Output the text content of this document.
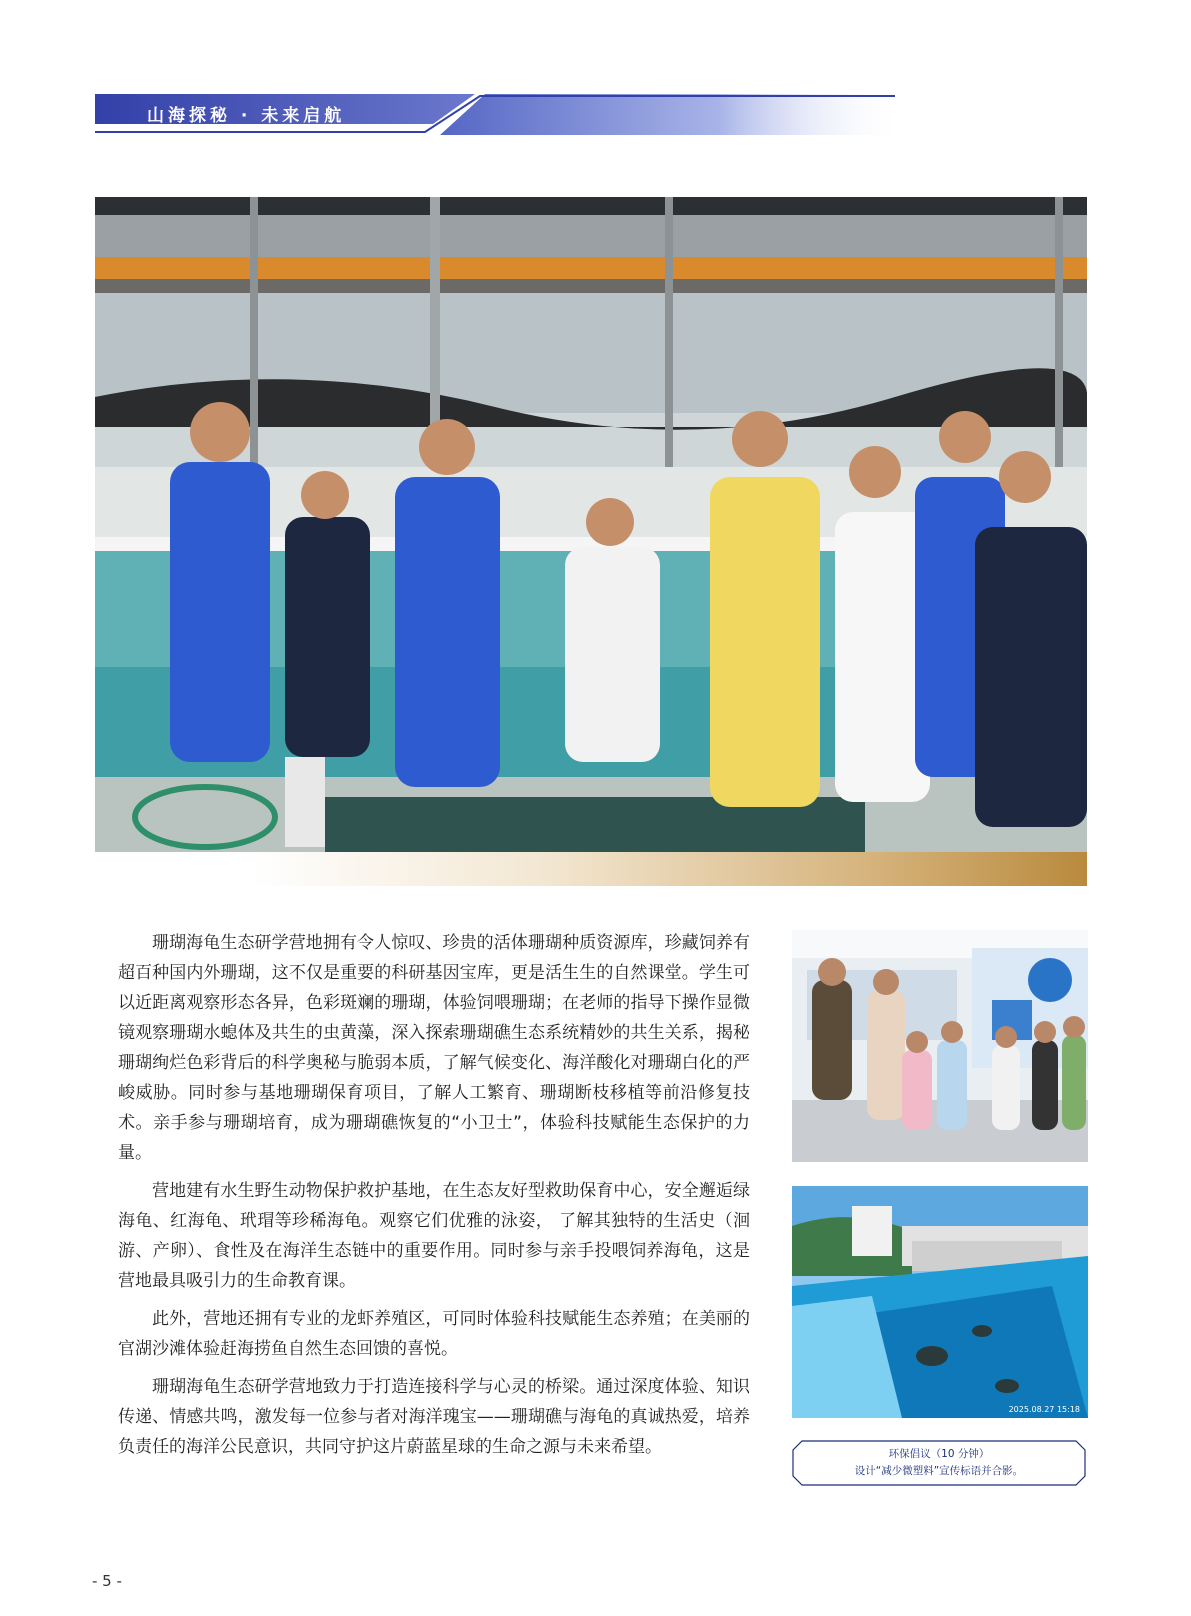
山海探秘 · 未来启航

珊瑚海龟生态研学营地拥有令人惊叹、珍贵的活体珊瑚种质资源库，珍藏饲养有超百种国内外珊瑚，这不仅是重要的科研基因宝库，更是活生生的自然课堂。学生可以近距离观察形态各异，色彩斑斓的珊瑚，体验饲喂珊瑚；在老师的指导下操作显微镜观察珊瑚水螅体及共生的虫黄藻，深入探索珊瑚礁生态系统精妙的共生关系，揭秘珊瑚绚烂色彩背后的科学奥秘与脆弱本质，了解气候变化、海洋酸化对珊瑚白化的严峻威胁。同时参与基地珊瑚保育项目，了解人工繁育、珊瑚断枝移植等前沿修复技术。亲手参与珊瑚培育，成为珊瑚礁恢复的“小卫士”，体验科技赋能生态保护的力量。

营地建有水生野生动物保护救护基地，在生态友好型救助保育中心，安全邂逅绿海龟、红海龟、玳瑁等珍稀海龟。观察它们优雅的泳姿， 了解其独特的生活史（洄游、产卵）、食性及在海洋生态链中的重要作用。同时参与亲手投喂饲养海龟，这是营地最具吸引力的生命教育课。

此外，营地还拥有专业的龙虾养殖区，可同时体验科技赋能生态养殖；在美丽的官湖沙滩体验赶海捞鱼自然生态回馈的喜悦。

珊瑚海龟生态研学营地致力于打造连接科学与心灵的桥梁。通过深度体验、知识传递、情感共鸣，激发每一位参与者对海洋瑰宝——珊瑚礁与海龟的真诚热爱，培养负责任的海洋公民意识，共同守护这片蔚蓝星球的生命之源与未来希望。

2025.08.27 15:18
环保倡议（10 分钟）
设计“减少微塑料”宣传标语并合影。
- 5 -
